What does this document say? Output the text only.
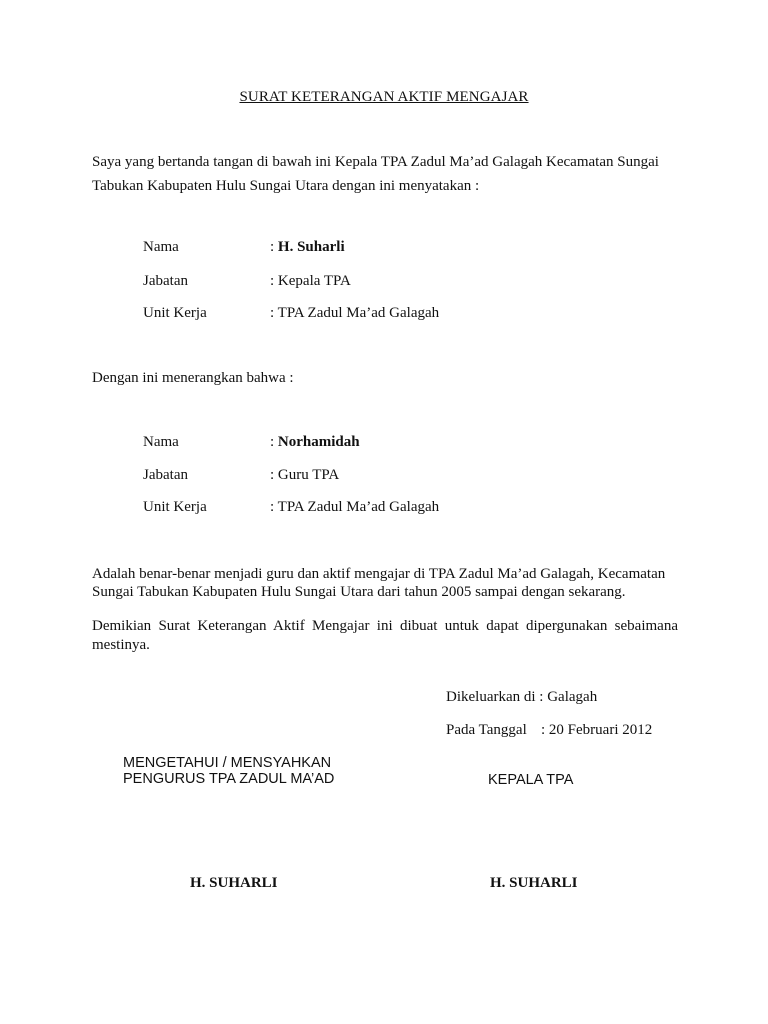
SURAT KETERANGAN AKTIF MENGAJAR
Saya yang bertanda tangan di bawah ini Kepala TPA Zadul Ma’ad Galagah Kecamatan Sungai
Tabukan Kabupaten Hulu Sungai Utara dengan ini menyatakan :
Nama	: H. Suharli
Jabatan	: Kepala TPA
Unit Kerja	: TPA Zadul Ma’ad Galagah
Dengan ini menerangkan bahwa :
Nama	: Norhamidah
Jabatan	: Guru TPA
Unit Kerja	: TPA Zadul Ma’ad Galagah
Adalah benar-benar menjadi guru dan aktif mengajar di TPA Zadul Ma’ad Galagah, Kecamatan
Sungai Tabukan Kabupaten Hulu Sungai Utara dari tahun 2005 sampai dengan sekarang.
Demikian Surat Keterangan Aktif Mengajar ini dibuat untuk dapat dipergunakan sebaimana
mestinya.
Dikeluarkan di : Galagah
Pada Tanggal : 20 Februari 2012
MENGETAHUI / MENSYAHKAN
PENGURUS TPA ZADUL MA’AD	KEPALA TPA
H. SUHARLI	H. SUHARLI
